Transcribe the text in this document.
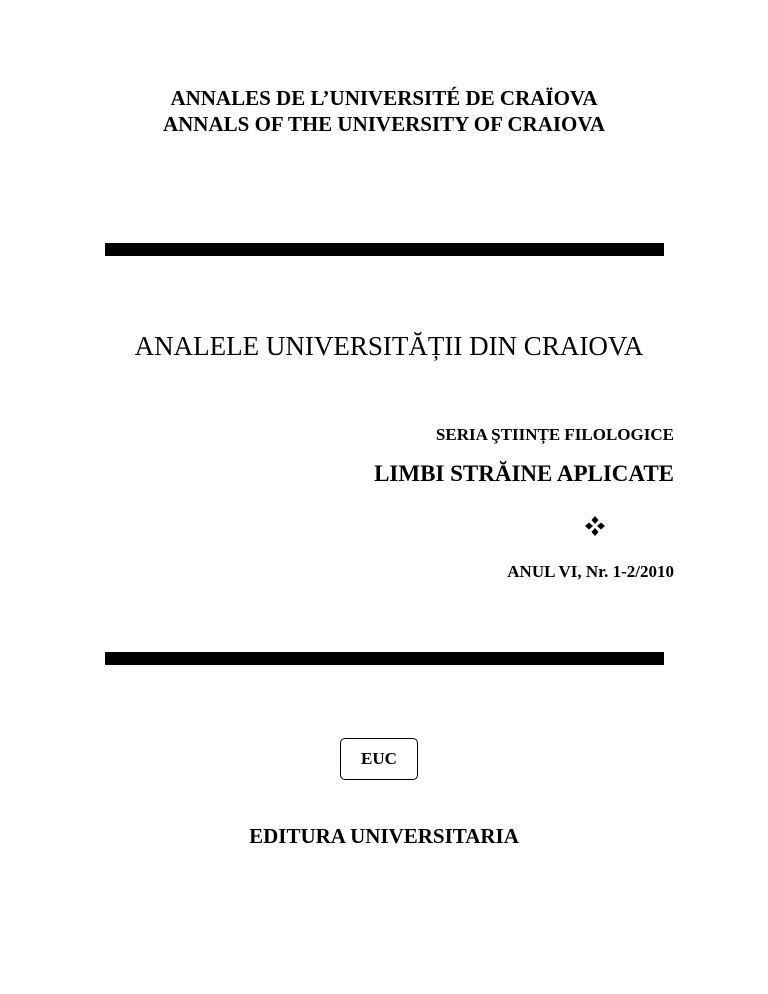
ANNALES DE L’UNIVERSITÉ DE CRAÏOVA
ANNALS OF THE UNIVERSITY OF CRAIOVA
ANALELE UNIVERSITĂȚII DIN CRAIOVA
SERIA ŞTIINȚE FILOLOGICE
LIMBI STRĂINE APLICATE
ANUL VI, Nr. 1-2/2010
EUC
EDITURA UNIVERSITARIA
